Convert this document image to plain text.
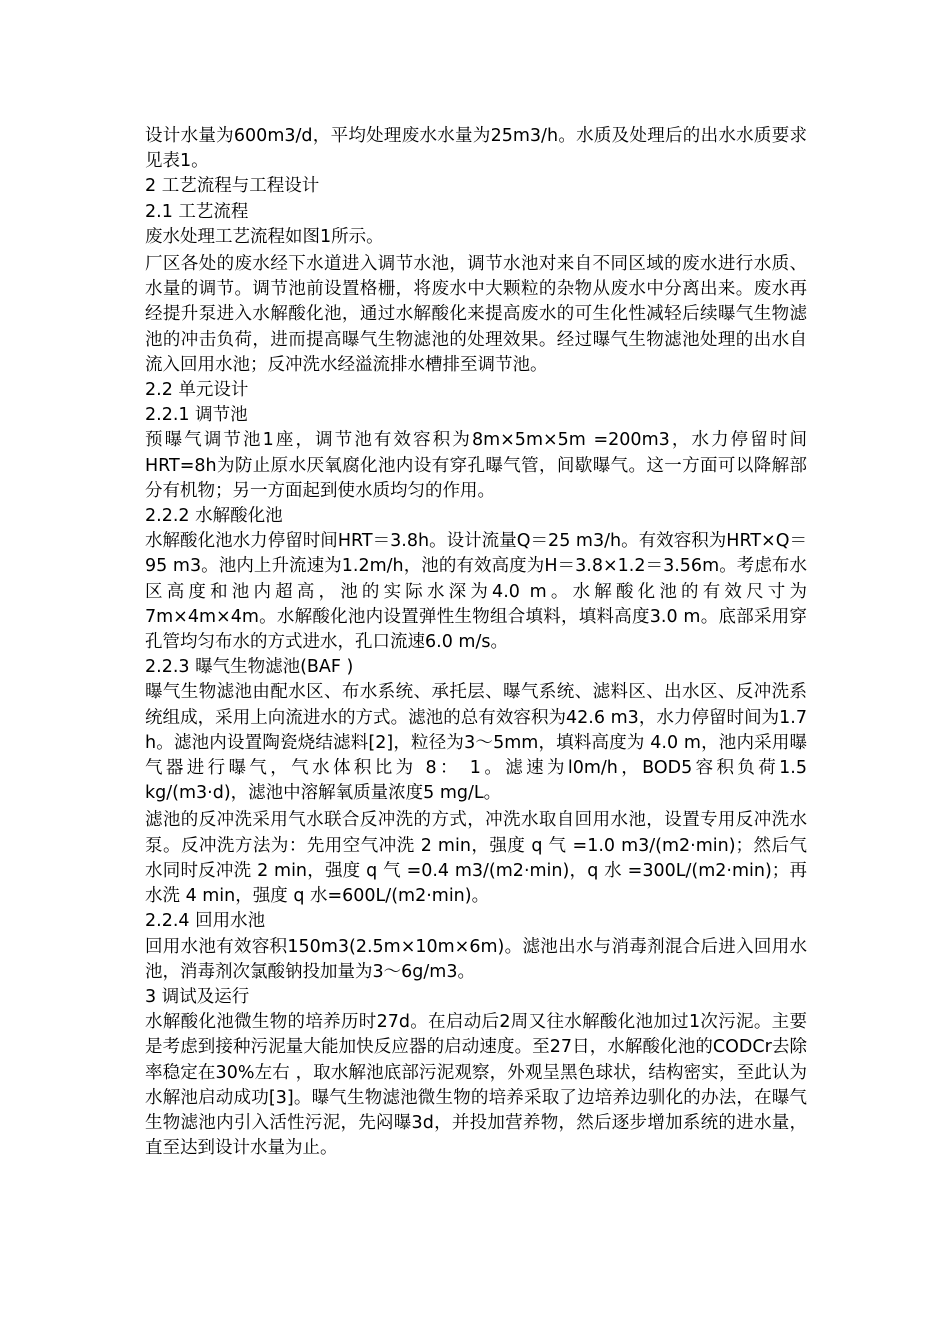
设计水量为600m3/d，平均处理废水水量为25m3/h。水质及处理后的出水水质要求见表1。

2 工艺流程与工程设计

2.1 工艺流程

废水处理工艺流程如图1所示。

厂区各处的废水经下水道进入调节水池，调节水池对来自不同区域的废水进行水质、水量的调节。调节池前设置格栅，将废水中大颗粒的杂物从废水中分离出来。废水再经提升泵进入水解酸化池，通过水解酸化来提高废水的可生化性减轻后续曝气生物滤池的冲击负荷，进而提高曝气生物滤池的处理效果。经过曝气生物滤池处理的出水自流入回用水池；反冲洗水经溢流排水槽排至调节池。

2.2 单元设计

2.2.1 调节池

预曝气调节池1座，调节池有效容积为8m×5m×5m =200m3，水力停留时间HRT=8h为防止原水厌氧腐化池内设有穿孔曝气管，间歇曝气。这一方面可以降解部分有机物；另一方面起到使水质均匀的作用。

2.2.2 水解酸化池

水解酸化池水力停留时间HRT＝3.8h。设计流量Q＝25 m3/h。有效容积为HRT×Q＝95 m3。池内上升流速为1.2m/h，池的有效高度为H＝3.8×1.2＝3.56m。考虑布水区高度和池内超高，池的实际水深为4.0 m。水解酸化池的有效尺寸为7m×4m×4m。水解酸化池内设置弹性生物组合填料，填料高度3.0 m。底部采用穿孔管均匀布水的方式进水，孔口流速6.0 m/s。

2.2.3 曝气生物滤池(BAF )

曝气生物滤池由配水区、布水系统、承托层、曝气系统、滤料区、出水区、反冲洗系统组成，采用上向流进水的方式。滤池的总有效容积为42.6 m3，水力停留时间为1.7 h。滤池内设置陶瓷烧结滤料[2]，粒径为3～5mm，填料高度为 4.0 m，池内采用曝气器进行曝气，气水体积比为 8： 1。滤速为l0m/h，BOD5容积负荷1.5 kg/(m3·d)，滤池中溶解氧质量浓度5 mg/L。

滤池的反冲洗采用气水联合反冲洗的方式，冲洗水取自回用水池，设置专用反冲洗水泵。反冲洗方法为：先用空气冲洗 2 min，强度 q 气 =1.0 m3/(m2·min)；然后气水同时反冲洗 2 min，强度 q 气 =0.4 m3/(m2·min)，q 水 =300L/(m2·min)；再水洗 4 min，强度 q 水=600L/(m2·min)。

2.2.4 回用水池

回用水池有效容积150m3(2.5m×10m×6m)。滤池出水与消毒剂混合后进入回用水池，消毒剂次氯酸钠投加量为3～6g/m3。

3 调试及运行

水解酸化池微生物的培养历时27d。在启动后2周又往水解酸化池加过1次污泥。主要是考虑到接种污泥量大能加快反应器的启动速度。至27日，水解酸化池的CODCr去除率稳定在30%左右 ，取水解池底部污泥观察，外观呈黑色球状，结构密实，至此认为水解池启动成功[3]。曝气生物滤池微生物的培养采取了边培养边驯化的办法，在曝气生物滤池内引入活性污泥，先闷曝3d，并投加营养物，然后逐步增加系统的进水量，直至达到设计水量为止。
